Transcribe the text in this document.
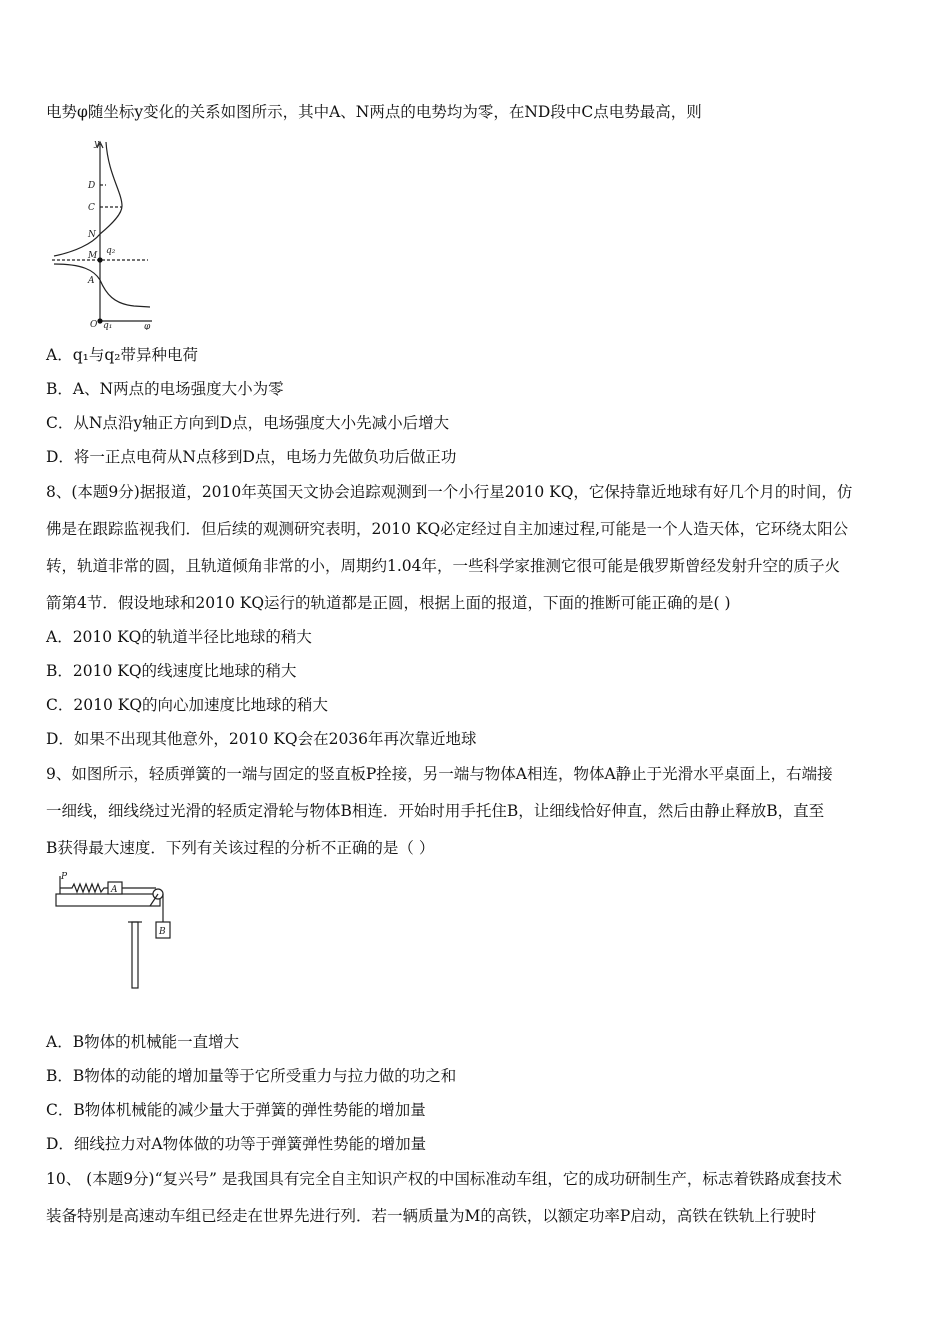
电势φ随坐标y变化的关系如图所示，其中A、N两点的电势均为零，在ND段中C点电势最高，则
y
D
C
N
M q₂
A
O q₁	φ
A．q₁与q₂带异种电荷
B．A、N两点的电场强度大小为零
C．从N点沿y轴正方向到D点，电场强度大小先减小后增大
D．将一正点电荷从N点移到D点，电场力先做负功后做正功
8、(本题9分)据报道，2010年英国天文协会追踪观测到一个小行星2010 KQ，它保持靠近地球有好几个月的时间，仿
佛是在跟踪监视我们．但后续的观测研究表明，2010 KQ必定经过自主加速过程,可能是一个人造天体，它环绕太阳公
转，轨道非常的圆，且轨道倾角非常的小，周期约1.04年，一些科学家推测它很可能是俄罗斯曾经发射升空的质子火
箭第4节．假设地球和2010 KQ运行的轨道都是正圆，根据上面的报道，下面的推断可能正确的是( )
A．2010 KQ的轨道半径比地球的稍大
B．2010 KQ的线速度比地球的稍大
C．2010 KQ的向心加速度比地球的稍大
D．如果不出现其他意外，2010 KQ会在2036年再次靠近地球
9、如图所示，轻质弹簧的一端与固定的竖直板P拴接，另一端与物体A相连，物体A静止于光滑水平桌面上，右端接
一细线，细线绕过光滑的轻质定滑轮与物体B相连．开始时用手托住B，让细线恰好伸直，然后由静止释放B，直至
B获得最大速度．下列有关该过程的分析不正确的是（ ）
P
A
B
A．B物体的机械能一直增大
B．B物体的动能的增加量等于它所受重力与拉力做的功之和
C．B物体机械能的减少量大于弹簧的弹性势能的增加量
D．细线拉力对A物体做的功等于弹簧弹性势能的增加量
10、 (本题9分)“复兴号” 是我国具有完全自主知识产权的中国标准动车组，它的成功研制生产，标志着铁路成套技术
装备特别是高速动车组已经走在世界先进行列．若一辆质量为M的高铁，以额定功率P启动，高铁在铁轨上行驶时
